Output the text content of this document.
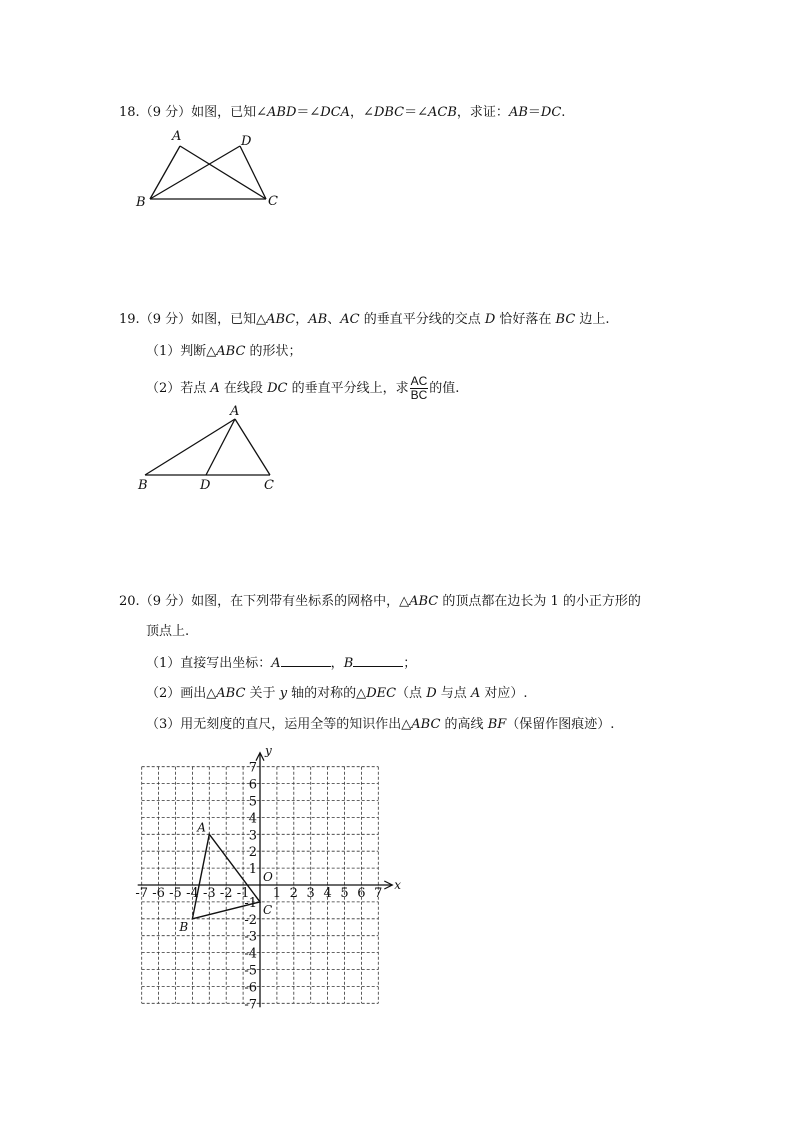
18.（9 分）如图，已知∠ABD＝∠DCA，∠DBC＝∠ACB，求证：AB＝DC.
A	D
B	C
19.（9 分）如图，已知△ABC，AB、AC 的垂直平分线的交点 D 恰好落在 BC 边上.
（1）判断△ABC 的形状；
（2）若点 A 在线段 DC 的垂直平分线上，求 $\frac{AC}{BC}$ 的值.
A
B	D	C
20.（9 分）如图，在下列带有坐标系的网格中，△ABC 的顶点都在边长为 1 的小正方形的
顶点上.
（1）直接写出坐标：A	，B	；
（2）画出△ABC 关于 y 轴的对称的△DEC（点 D 与点 A 对应）.
（3）用无刻度的直尺，运用全等的知识作出△ABC 的高线 BF（保留作图痕迹）.
x
y
O
-7 -6 -5 -4 -3 -2 -1 1 2 3 4 5 6 7
7
6
5
4
3
2
1
-1
-2
-3
-4
-5
-6
-7
A
B
C
